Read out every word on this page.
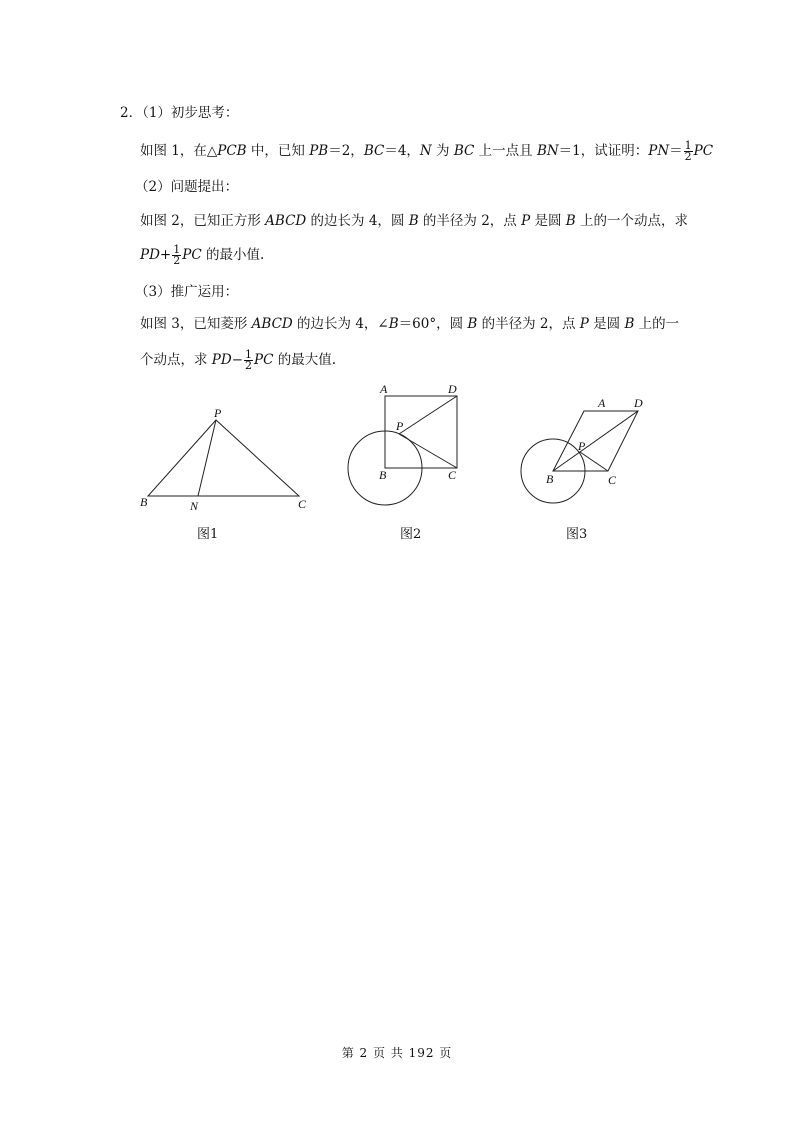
2．（1）初步思考：
如图 1，在△PCB 中，已知 PB＝2，BC＝4，N 为 BC 上一点且 BN＝1，试证明：$PN= \frac{1}{2}$ PC
（2）问题提出：
如图 2，已知正方形 ABCD 的边长为 4，圆 B 的半径为 2，点 P 是圆 B 上的一个动点，求
$PD+ \frac{1}{2}$ PC 的最小值.
（3）推广运用：
如图 3，已知菱形 ABCD 的边长为 4，∠B＝60°，圆 B 的半径为 2，点 P 是圆 B 上的一
个动点，求 $PD- \frac{1}{2}$ PC 的最大值.
P
B	N	C
图1
A	D
P
B	C
图2
A D
P
B	C
图3
第 2 页 共 192 页
